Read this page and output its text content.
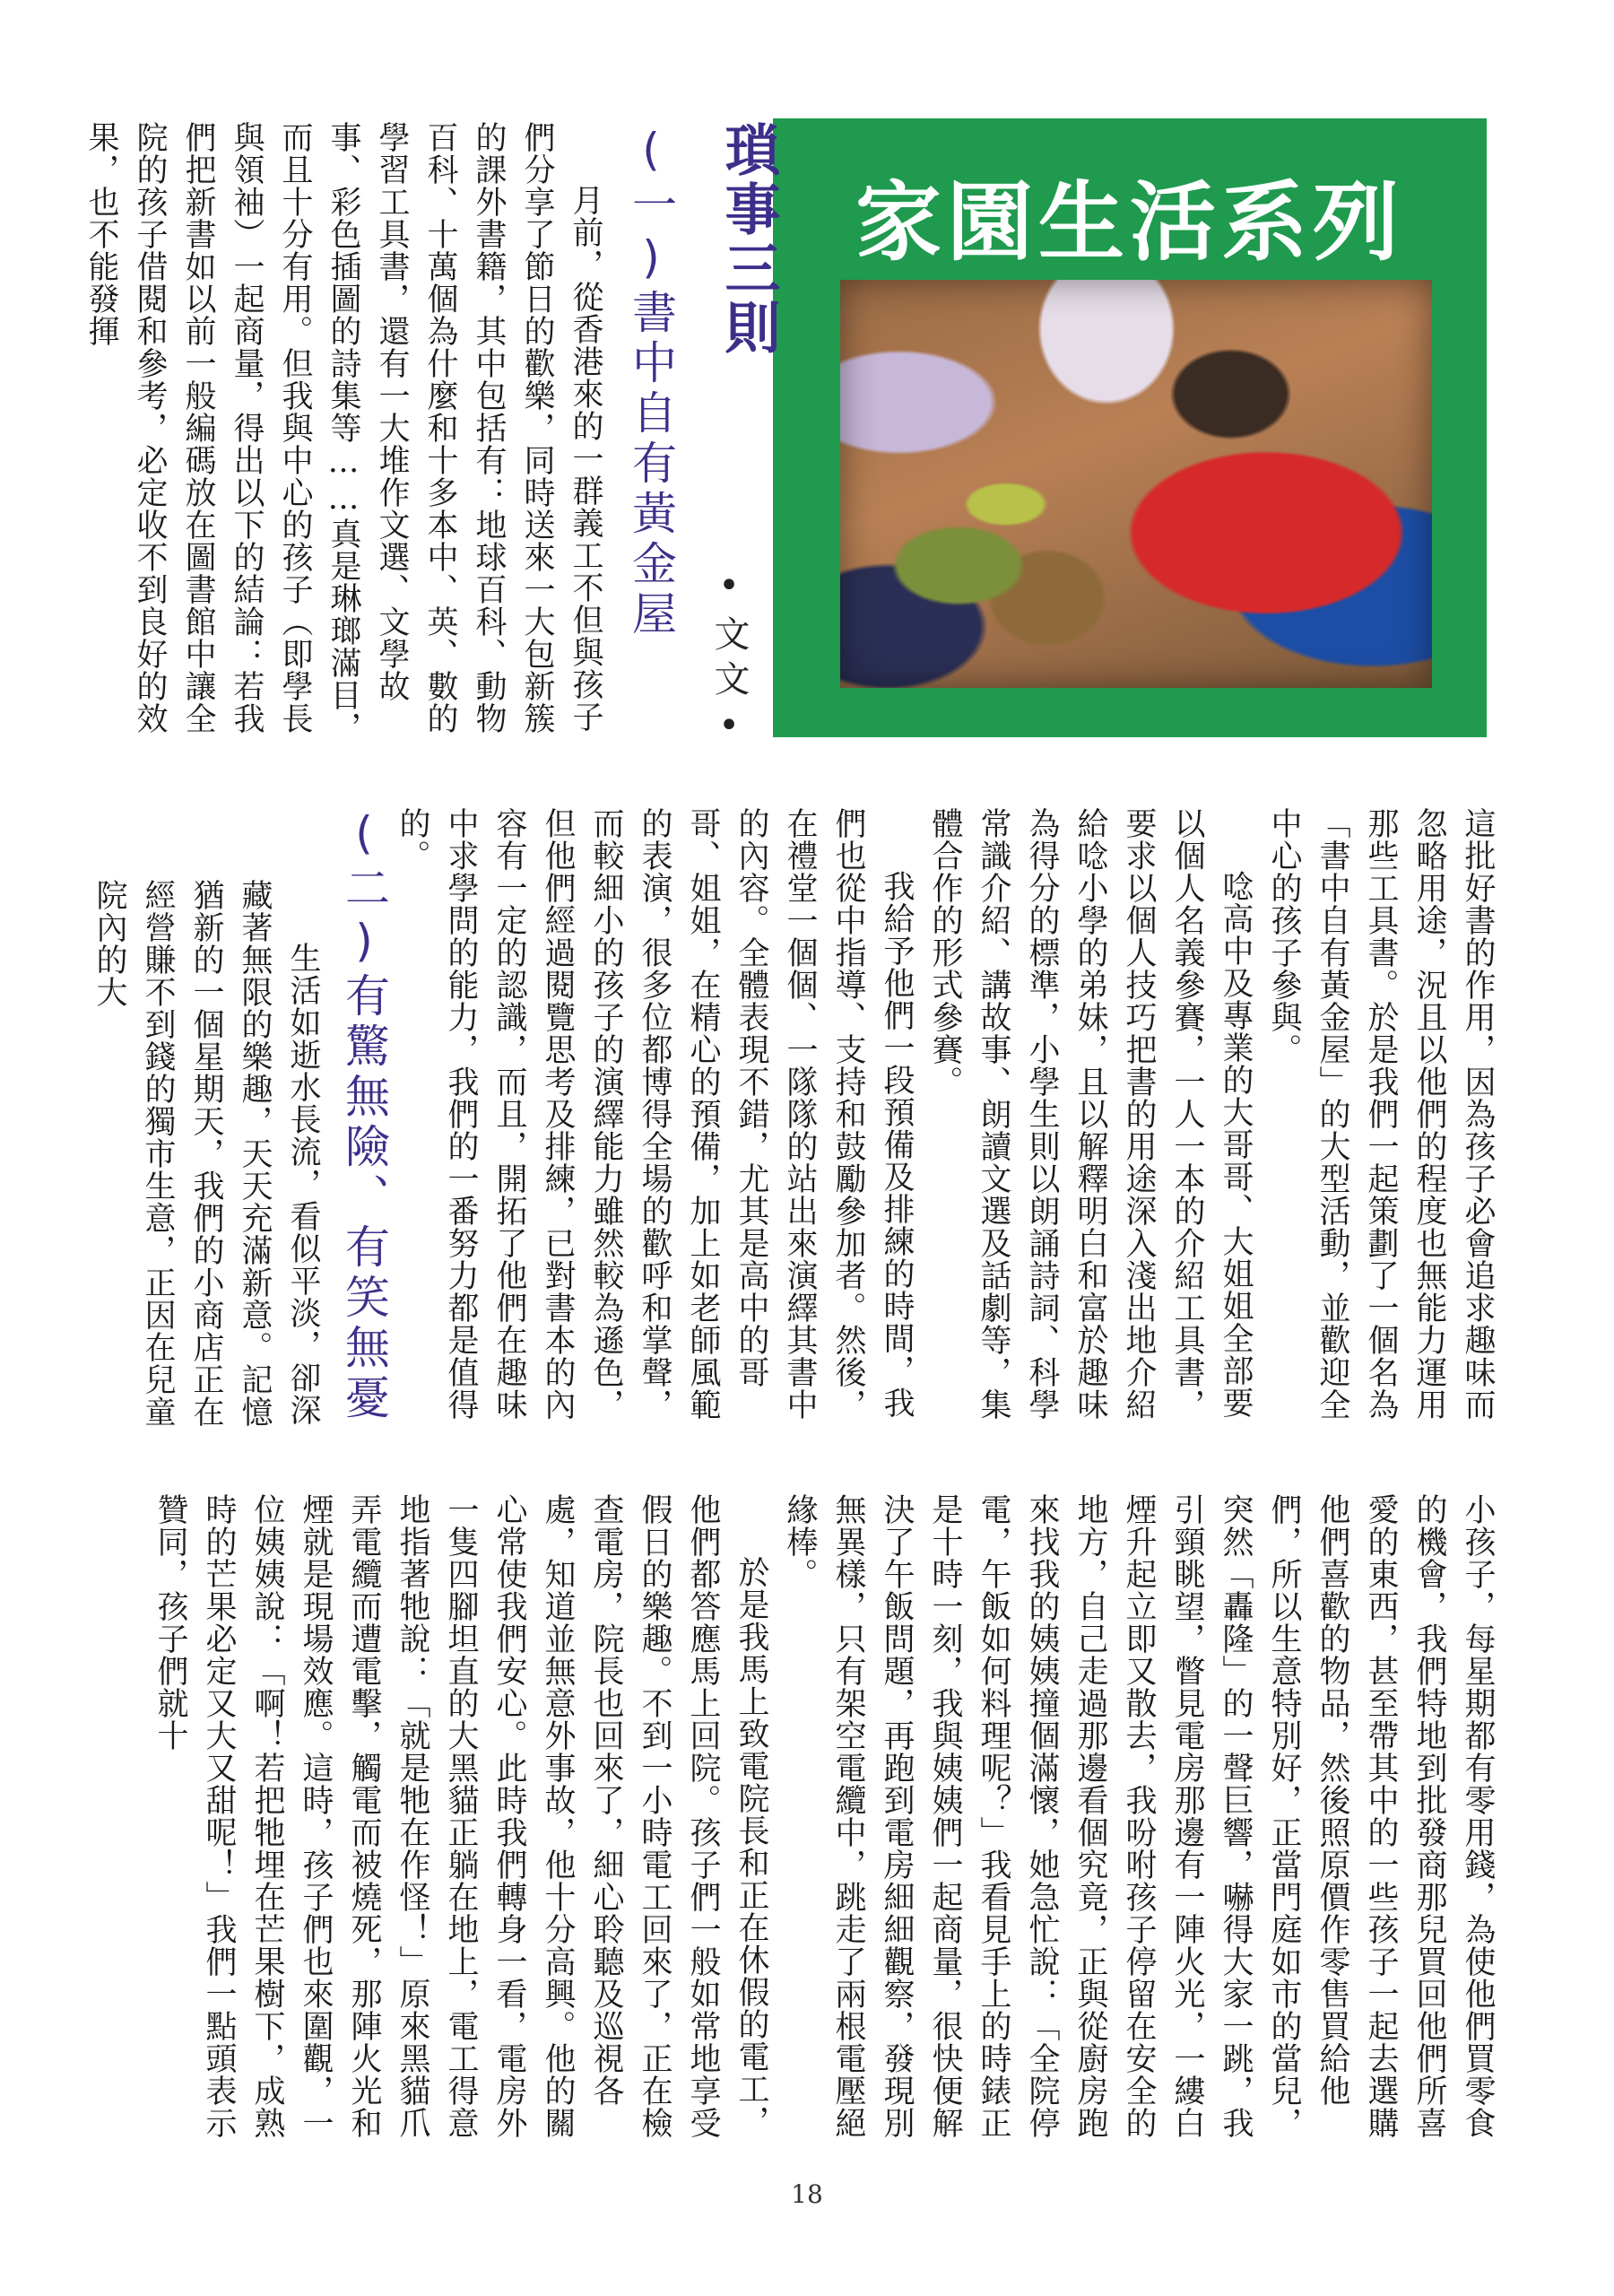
家園生活系列
瑣事三則
•文文•
(一)書中自有黃金屋

月前，從香港來的一群義工不但與孩子們分享了節日的歡樂，同時送來一大包新簇的課外書籍，其中包括有：地球百科、動物百科、十萬個為什麼和十多本中、英、數的學習工具書，還有一大堆作文選、文學故事、彩色插圖的詩集等……真是琳瑯滿目，而且十分有用。但我與中心的孩子（即學長與領袖）一起商量，得出以下的結論：若我們把新書如以前一般編碼放在圖書館中讓全院的孩子借閱和參考，必定收不到良好的效果，也不能發揮

這批好書的作用，因為孩子必會追求趣味而忽略用途，況且以他們的程度也無能力運用那些工具書。於是我們一起策劃了一個名為「書中自有黃金屋」的大型活動，並歡迎全中心的孩子參與。

唸高中及專業的大哥哥、大姐姐全部要以個人名義參賽，一人一本的介紹工具書，要求以個人技巧把書的用途深入淺出地介紹給唸小學的弟妹，且以解釋明白和富於趣味為得分的標準，小學生則以朗誦詩詞、科學常識介紹、講故事、朗讀文選及話劇等，集體合作的形式參賽。

我給予他們一段預備及排練的時間，我們也從中指導、支持和鼓勵參加者。然後，在禮堂一個個、一隊隊的站出來演繹其書中的內容。全體表現不錯，尤其是高中的哥哥、姐姐，在精心的預備，加上如老師風範的表演，很多位都博得全場的歡呼和掌聲，而較細小的孩子的演繹能力雖然較為遜色，但他們經過閱覽思考及排練，已對書本的內容有一定的認識，而且，開拓了他們在趣味中求學問的能力，我們的一番努力都是值得的。

(二)有驚無險、有笑無憂

生活如逝水長流，看似平淡，卻深藏著無限的樂趣，天天充滿新意。記憶猶新的一個星期天，我們的小商店正在經營賺不到錢的獨市生意，正因在兒童院內的大

小孩子，每星期都有零用錢，為使他們買零食的機會，我們特地到批發商那兒買回他們所喜愛的東西，甚至帶其中的一些孩子一起去選購他們喜歡的物品，然後照原價作零售買給他們，所以生意特別好，正當門庭如市的當兒，突然「轟隆」的一聲巨響，嚇得大家一跳，我引頸眺望，瞥見電房那邊有一陣火光，一縷白煙升起立即又散去，我吩咐孩子停留在安全的地方，自己走過那邊看個究竟，正與從廚房跑來找我的姨姨撞個滿懷，她急忙說：「全院停電，午飯如何料理呢？」我看見手上的時錶正是十時一刻，我與姨姨們一起商量，很快便解決了午飯問題，再跑到電房細細觀察，發現別無異樣，只有架空電纜中，跳走了兩根電壓絕緣棒。

於是我馬上致電院長和正在休假的電工，他們都答應馬上回院。孩子們一般如常地享受假日的樂趣。不到一小時電工回來了，正在檢查電房，院長也回來了，細心聆聽及巡視各處，知道並無意外事故，他十分高興。他的關心常使我們安心。此時我們轉身一看，電房外一隻四腳坦直的大黑貓正躺在地上，電工得意地指著牠說：「就是牠在作怪！」原來黑貓爪弄電纜而遭電擊，觸電而被燒死，那陣火光和煙就是現場效應。這時，孩子們也來圍觀，一位姨姨說：「啊！若把牠埋在芒果樹下，成熟時的芒果必定又大又甜呢！」我們一點頭表示贊同，孩子們就十

18
